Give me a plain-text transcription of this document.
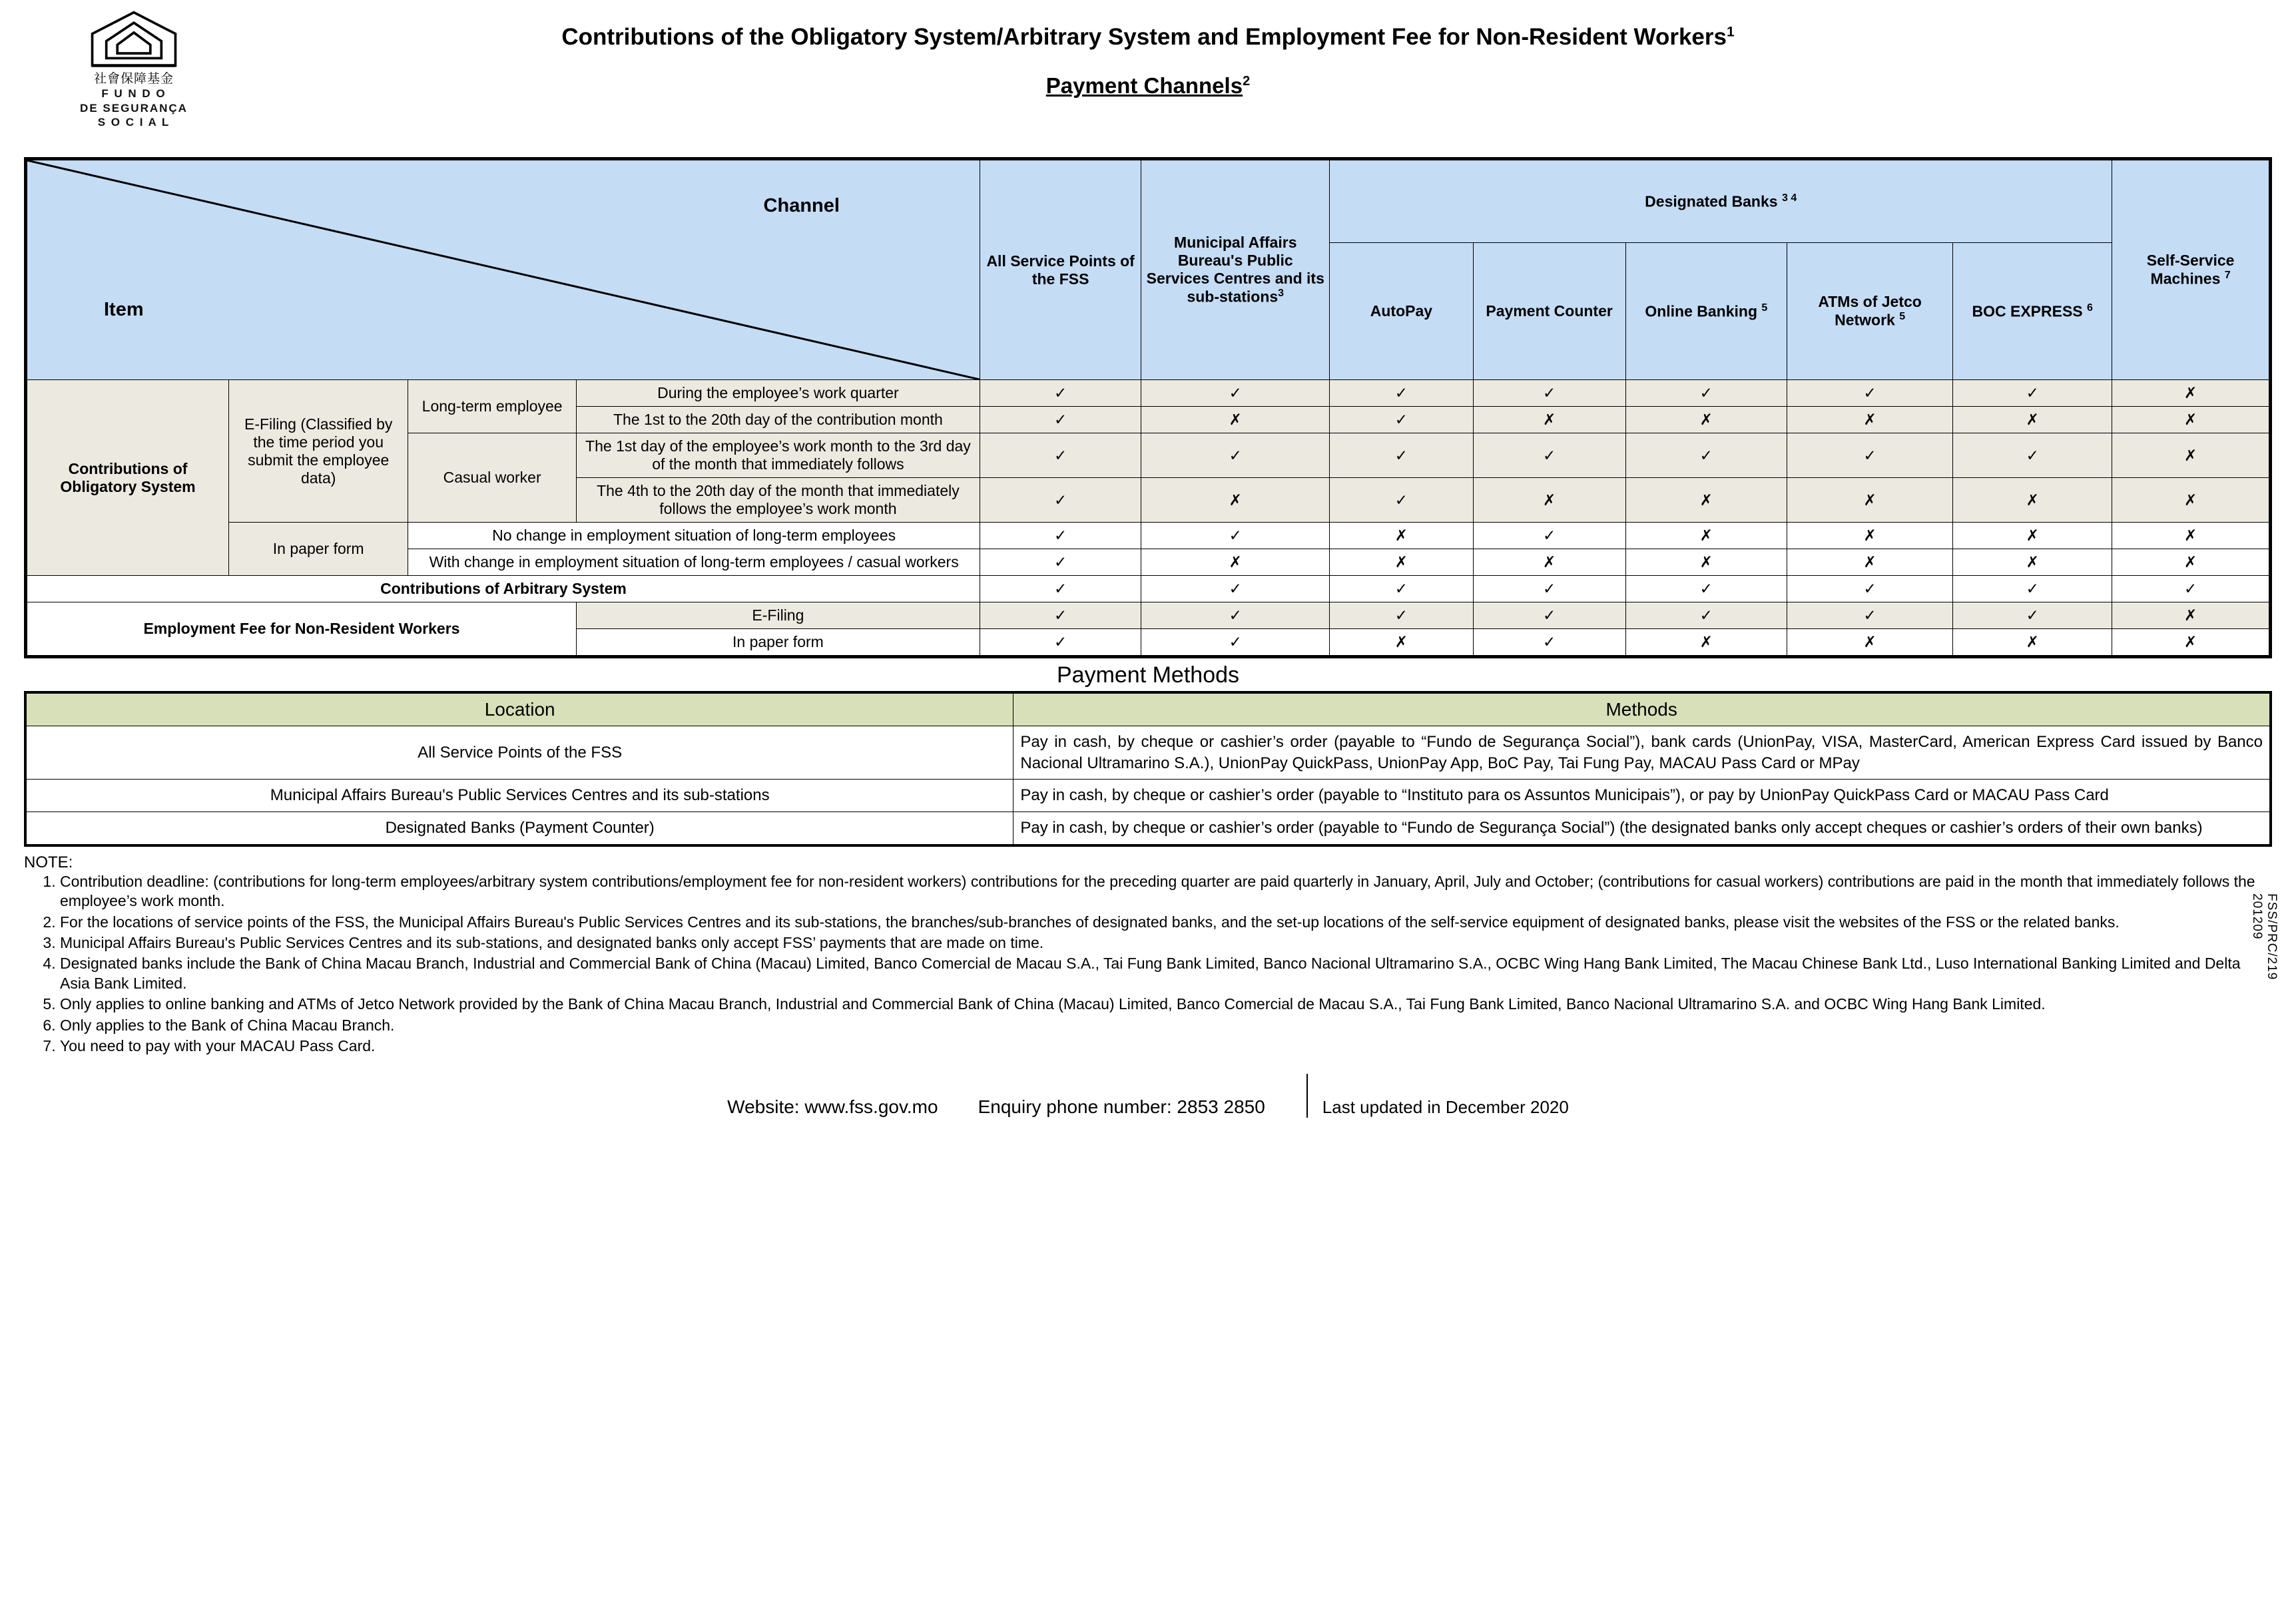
社會保障基金
F U N D O
DE SEGURANÇA
S O C I A L
Contributions of the Obligatory System/Arbitrary System and Employment Fee for Non-Resident Workers$^1$
Payment Channels$^2$
Channel
Item				All Service Points of the FSS	Municipal Affairs Bureau's Public Services Centres and its sub-stations$^3$	Designated Banks $^{3 4}$					Self-Service Machines $^7$
						AutoPay	Payment Counter	Online Banking $^5$	ATMs of Jetco Network $^5$	BOC EXPRESS $^6$
Contributions of Obligatory System	E-Filing (Classified by the time period you submit the employee data)	Long-term employee	During the employee’s work quarter	✓	✓	✓	✓	✓	✓	✓	✗
			The 1st to the 20th day of the contribution month	✓	✗	✓	✗	✗	✗	✗	✗
		Casual worker	The 1st day of the employee’s work month to the 3rd day of the month that immediately follows	✓	✓	✓	✓	✓	✓	✓	✗
			The 4th to the 20th day of the month that immediately follows the employee’s work month	✓	✗	✓	✗	✗	✗	✗	✗
	In paper form	No change in employment situation of long-term employees		✓	✓	✗	✓	✗	✗	✗	✗
		With change in employment situation of long-term employees / casual workers		✓	✗	✗	✗	✗	✗	✗	✗
Contributions of Arbitrary System				✓	✓	✓	✓	✓	✓	✓	✓
Employment Fee for Non-Resident Workers			E-Filing	✓	✓	✓	✓	✓	✓	✓	✗
			In paper form	✓	✓	✗	✓	✗	✗	✗	✗
Payment Methods
Location	Methods
All Service Points of the FSS	Pay in cash, by cheque or cashier’s order (payable to “Fundo de Segurança Social”), bank cards (UnionPay, VISA, MasterCard, American Express Card issued by Banco Nacional Ultramarino S.A.), UnionPay QuickPass, UnionPay App, BoC Pay, Tai Fung Pay, MACAU Pass Card or MPay
Municipal Affairs Bureau's Public Services Centres and its sub-stations	Pay in cash, by cheque or cashier’s order (payable to “Instituto para os Assuntos Municipais”), or pay by UnionPay QuickPass Card or MACAU Pass Card
Designated Banks (Payment Counter)	Pay in cash, by cheque or cashier’s order (payable to “Fundo de Segurança Social”) (the designated banks only accept cheques or cashier’s orders of their own banks)
NOTE:
1. Contribution deadline: (contributions for long-term employees/arbitrary system contributions/employment fee for non-resident workers) contributions for the preceding quarter are paid quarterly in January, April, July and October; (contributions for casual workers) contributions are paid in the month that immediately follows the employee’s work month.
2. For the locations of service points of the FSS, the Municipal Affairs Bureau's Public Services Centres and its sub-stations, the branches/sub-branches of designated banks, and the set-up locations of the self-service equipment of designated banks, please visit the websites of the FSS or the related banks.
3. Municipal Affairs Bureau's Public Services Centres and its sub-stations, and designated banks only accept FSS’ payments that are made on time.
4. Designated banks include the Bank of China Macau Branch, Industrial and Commercial Bank of China (Macau) Limited, Banco Comercial de Macau S.A., Tai Fung Bank Limited, Banco Nacional Ultramarino S.A., OCBC Wing Hang Bank Limited, The Macau Chinese Bank Ltd., Luso International Banking Limited and Delta Asia Bank Limited.
5. Only applies to online banking and ATMs of Jetco Network provided by the Bank of China Macau Branch, Industrial and Commercial Bank of China (Macau) Limited, Banco Comercial de Macau S.A., Tai Fung Bank Limited, Banco Nacional Ultramarino S.A. and OCBC Wing Hang Bank Limited.
6. Only applies to the Bank of China Macau Branch.
7. You need to pay with your MACAU Pass Card.
FSS/PRC/219201209
Website: www.fss.gov.mo Enquiry phone number: 2853 2850	Last updated in December 2020
